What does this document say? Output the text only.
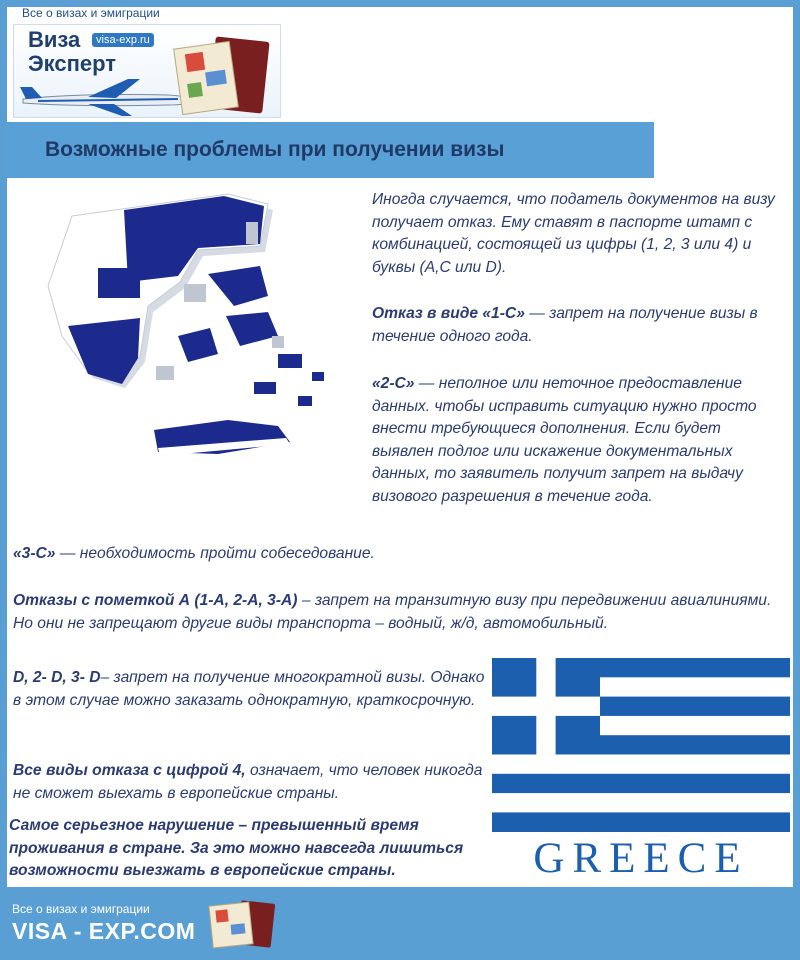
Все о визах и эмиграции
Виза
Эксперт
visa-exp.ru
Возможные проблемы при получении визы
GREECE

Иногда случается, что податель документов на визу получает отказ. Ему ставят в паспорте штамп с комбинацией, состоящей из цифры (1, 2, 3 или 4) и буквы (А,С или D).

Отказ в виде «1-С» — запрет на получение визы в течение одного года.

«2-С» — неполное или неточное предоставление данных. чтобы исправить ситуацию нужно просто внести требующиеся дополнения. Если будет выявлен подлог или искажение документальных данных, то заявитель получит запрет на выдачу визового разрешения в течение года.

«3-С» — необходимость пройти собеседование.

Отказы с пометкой А (1-А, 2-А, 3-А) – запрет на транзитную визу при передвижении авиалиниями. Но они не запрещают другие виды транспорта – водный, ж/д, автомобильный.

D, 2- D, 3- D– запрет на получение многократной визы. Однако в этом случае можно заказать однократную, краткосрочную.

Все виды отказа с цифрой 4, означает, что человек никогда не сможет выехать в европейские страны.

Самое серьезное нарушение – превышенный время проживания в стране. За это можно навсегда лишиться возможности выезжать в европейские страны.

Все о визах и эмиграции
VISA - EXP.COM
